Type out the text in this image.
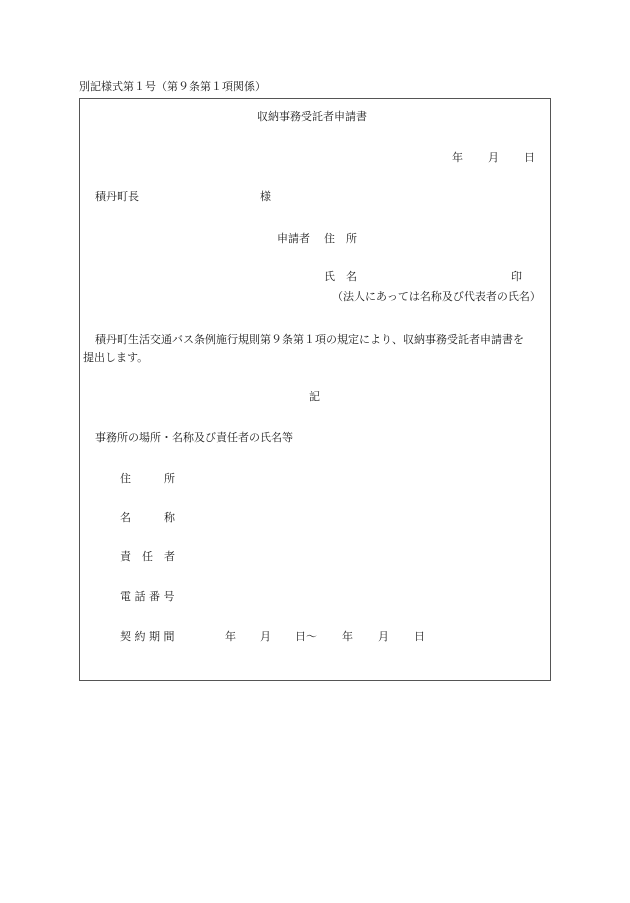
別記様式第１号（第９条第１項関係）
収納事務受託者申請書
年 月 日
積丹町長	様
申請者 住　所
氏　名	印
（法人にあっては名称及び代表者の氏名）
積丹町生活交通バス条例施行規則第９条第１項の規定により、収納事務受託者申請書を
提出します。
記
事務所の場所・名称及び責任者の氏名等
住　　　所
名　　　称
責　任　者
電 話 番 号
契 約 期 間	年 月 日〜 年 月 日
